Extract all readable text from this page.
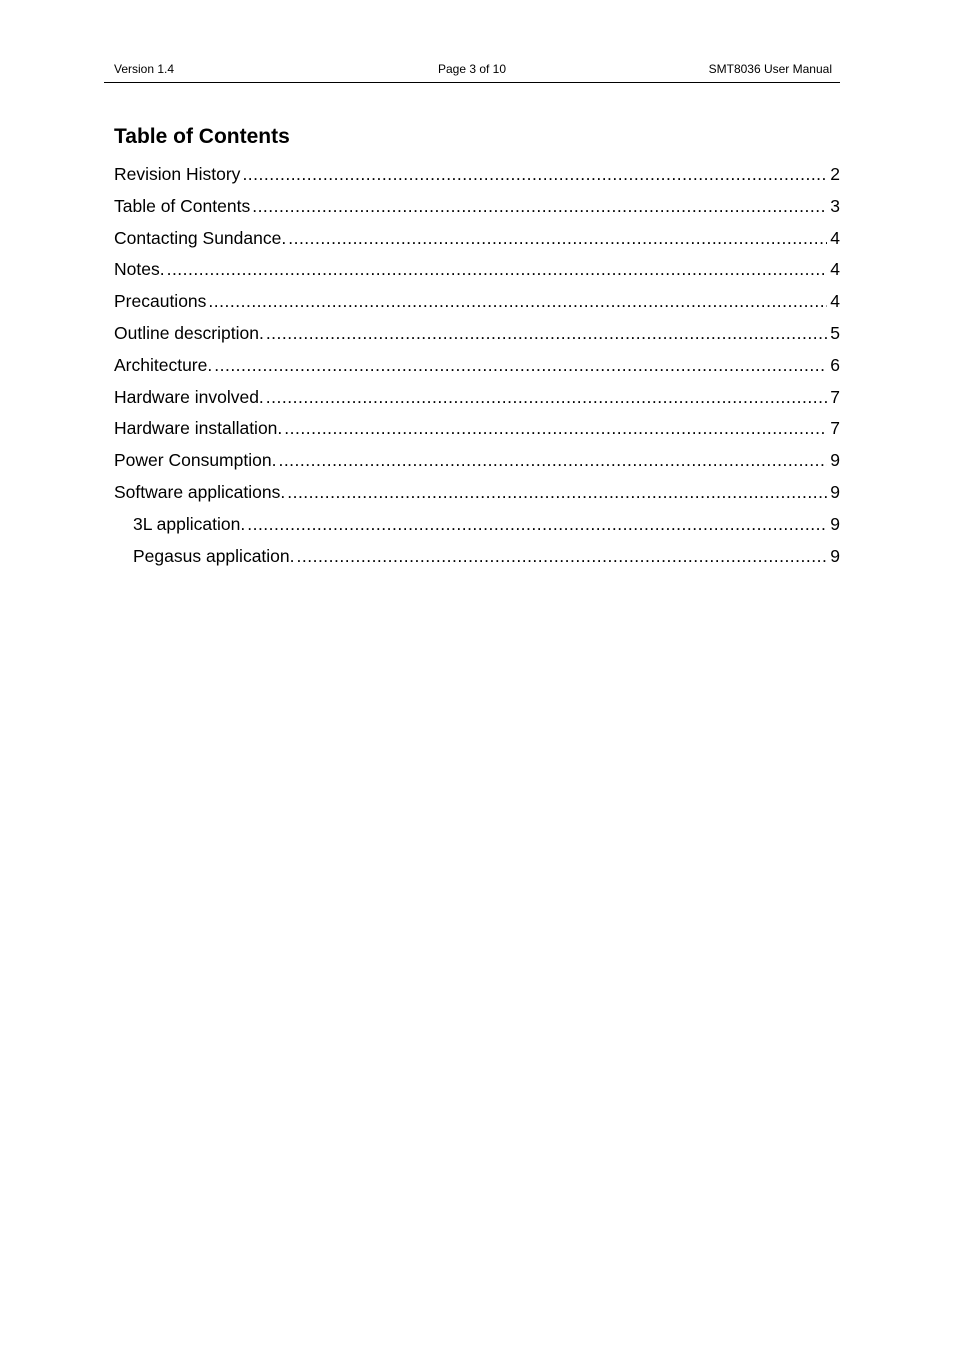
Version 1.4	Page 3 of 10	SMT8036 User Manual
Table of Contents
Revision History .....	2
Table of Contents .....	3
Contacting Sundance. .....	4
Notes. .....	4
Precautions .....	4
Outline description. .....	5
Architecture. .....	6
Hardware involved. .....	7
Hardware installation. .....	7
Power Consumption. .....	9
Software applications. .....	9
3L application. .....	9
Pegasus application. .....	9
